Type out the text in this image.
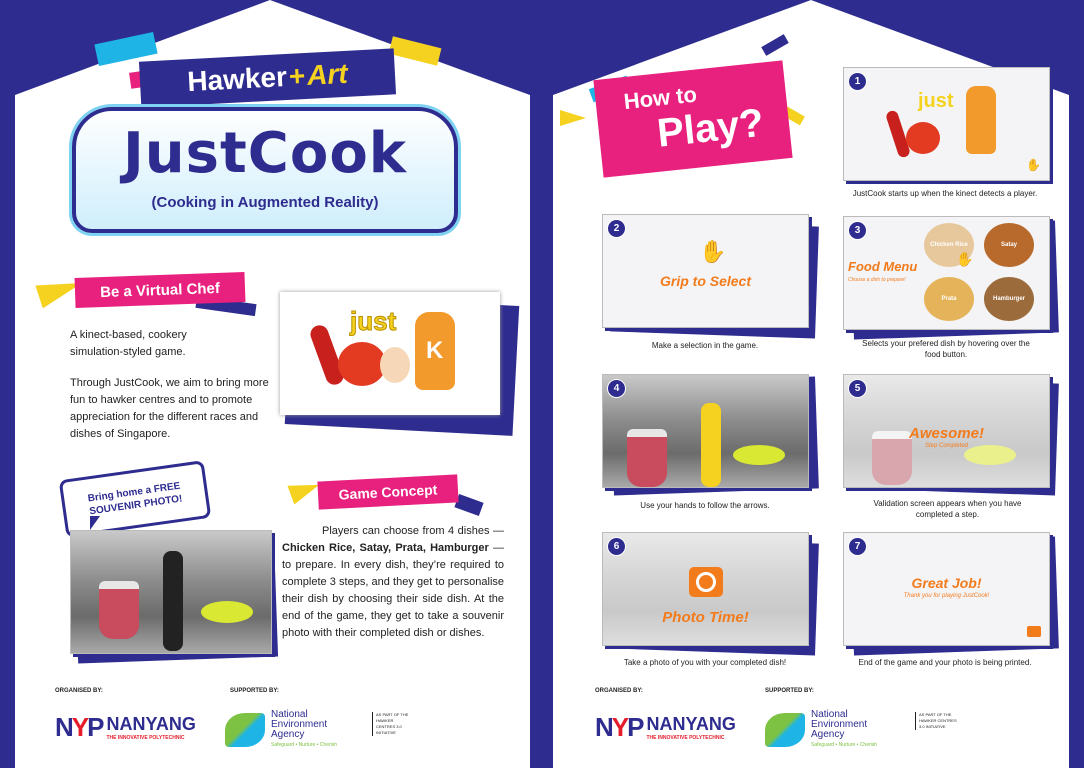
Hawker + Art
JustCook
(Cooking in Augmented Reality)
Be a Virtual Chef
A kinect-based, cookery simulation-styled game.
Through JustCook, we aim to bring more fun to hawker centres and to promote appreciation for the different races and dishes of Singapore.
just
K
Bring home a FREE SOUVENIR PHOTO!
Game Concept
Players can choose from 4 dishes — Chicken Rice, Satay, Prata, Hamburger — to prepare. In every dish, they’re required to complete 3 steps, and they get to personalise their dish by choosing their side dish. At the end of the game, they get to take a souvenir photo with their completed dish or dishes.
ORGANISED BY:	SUPPORTED BY:
NYP NANYANG
THE INNOVATIVE POLYTECHNIC
National
Environment
Agency
Safeguard • Nurture • Cherish
AS PART OF THE HAWKER CENTRES 3.0 INITIATIVE
How to
Play?
1
just
✋
JustCook starts up when the kinect detects a player.
2
✋
Grip to Select
Make a selection in the game.
3
Food Menu
Choose a dish to prepare!
Chicken Rice	Satay
Prata	Hamburger
✋
Selects your prefered dish by hovering over the food button.
4
Use your hands to follow the arrows.
5
Awesome!
Step Completed
Validation screen appears when you have completed a step.
6
Photo Time!
Take a photo of you with your completed dish!
7
Great Job!
Thank you for playing JustCook!
End of the game and your photo is being printed.
ORGANISED BY:	SUPPORTED BY:
NYP NANYANG
THE INNOVATIVE POLYTECHNIC
National
Environment
Agency
Safeguard • Nurture • Cherish
AS PART OF THE HAWKER CENTRES 3.0 INITIATIVE
